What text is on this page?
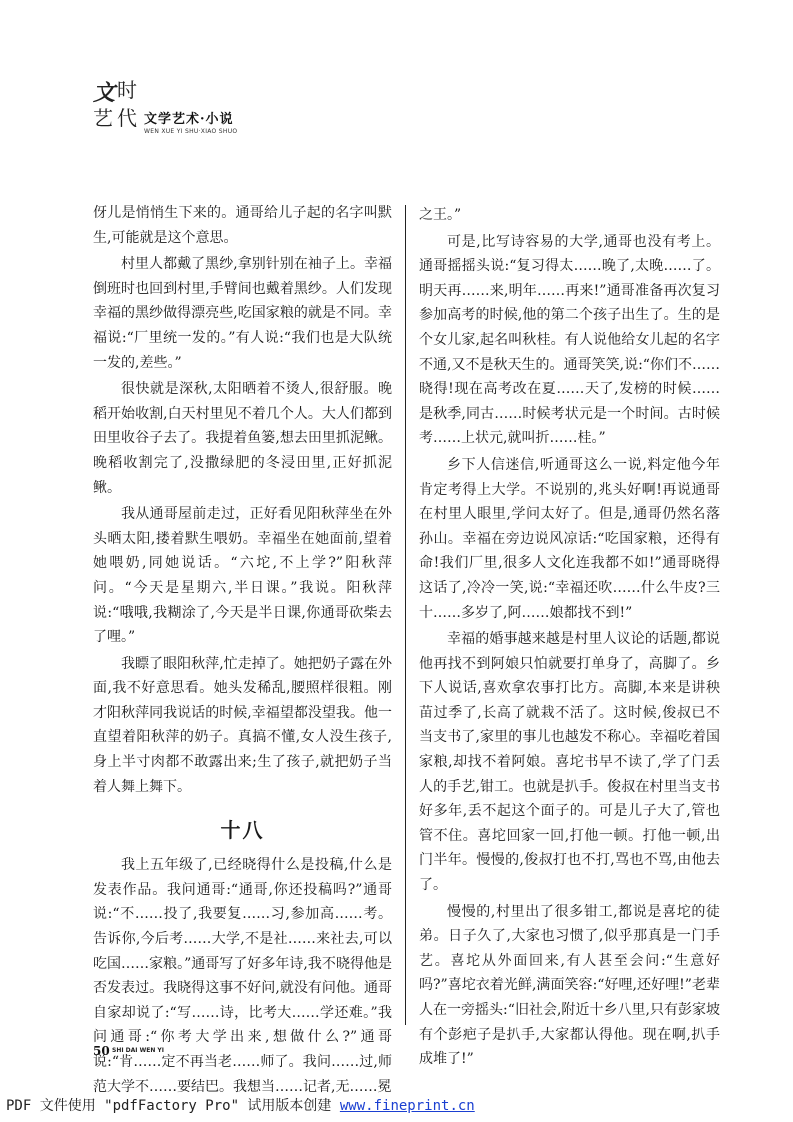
文 时
艺 代 文学艺术·小说
WEN XUE YI SHU·XIAO SHUO

伢儿是悄悄生下来的。通哥给儿子起的名字叫默生,可能就是这个意思。

村里人都戴了黑纱,拿别针别在袖子上。幸福倒班时也回到村里,手臂间也戴着黑纱。人们发现幸福的黑纱做得漂亮些,吃国家粮的就是不同。幸福说:“厂里统一发的。”有人说:“我们也是大队统一发的,差些。”

很快就是深秋,太阳晒着不烫人,很舒服。晚稻开始收割,白天村里见不着几个人。大人们都到田里收谷子去了。我提着鱼篓,想去田里抓泥鳅。晚稻收割完了,没撒绿肥的冬浸田里,正好抓泥鳅。

我从通哥屋前走过，正好看见阳秋萍坐在外头晒太阳,搂着默生喂奶。幸福坐在她面前,望着她喂奶,同她说话。“六坨,不上学?”阳秋萍问。“今天是星期六,半日课。”我说。阳秋萍说:“哦哦,我糊涂了,今天是半日课,你通哥砍柴去了哩。”

我瞟了眼阳秋萍,忙走掉了。她把奶子露在外面,我不好意思看。她头发稀乱,腰照样很粗。刚才阳秋萍同我说话的时候,幸福望都没望我。他一直望着阳秋萍的奶子。真搞不懂,女人没生孩子,身上半寸肉都不敢露出来;生了孩子,就把奶子当着人舞上舞下。

十八

我上五年级了,已经晓得什么是投稿,什么是发表作品。我问通哥:“通哥,你还投稿吗?”通哥说:“不……投了,我要复……习,参加高……考。告诉你,今后考……大学,不是社……来社去,可以吃国……家粮。”通哥写了好多年诗,我不晓得他是否发表过。我晓得这事不好问,就没有问他。通哥自家却说了:“写……诗，比考大……学还难。”我问通哥:“你考大学出来,想做什么?”通哥说:“肯……定不再当老……师了。我问……过,师范大学不……要结巴。我想当……记者,无……冕

之王。”

可是,比写诗容易的大学,通哥也没有考上。通哥摇摇头说:“复习得太……晚了,太晚……了。明天再……来,明年……再来!”通哥准备再次复习参加高考的时候,他的第二个孩子出生了。生的是个女儿家,起名叫秋桂。有人说他给女儿起的名字不通,又不是秋天生的。通哥笑笑,说:“你们不……晓得!现在高考改在夏……天了,发榜的时候……是秋季,同古……时候考状元是一个时间。古时候考……上状元,就叫折……桂。”

乡下人信迷信,听通哥这么一说,料定他今年肯定考得上大学。不说别的,兆头好啊!再说通哥在村里人眼里,学问太好了。但是,通哥仍然名落孙山。幸福在旁边说风凉话:“吃国家粮，还得有命!我们厂里,很多人文化连我都不如!”通哥晓得这话了,冷冷一笑,说:“幸福还吹……什么牛皮?三十……多岁了,阿……娘都找不到!”

幸福的婚事越来越是村里人议论的话题,都说他再找不到阿娘只怕就要打单身了，高脚了。乡下人说话,喜欢拿农事打比方。高脚,本来是讲秧苗过季了,长高了就栽不活了。这时候,俊叔已不当支书了,家里的事儿也越发不称心。幸福吃着国家粮,却找不着阿娘。喜坨书早不读了,学了门丢人的手艺,钳工。也就是扒手。俊叔在村里当支书好多年,丢不起这个面子的。可是儿子大了,管也管不住。喜坨回家一回,打他一顿。打他一顿,出门半年。慢慢的,俊叔打也不打,骂也不骂,由他去了。

慢慢的,村里出了很多钳工,都说是喜坨的徒弟。日子久了,大家也习惯了,似乎那真是一门手艺。喜坨从外面回来,有人甚至会问:“生意好吗?”喜坨衣着光鲜,满面笑容:“好哩,还好哩!”老辈人在一旁摇头:“旧社会,附近十乡八里,只有彭家坡有个彭疤子是扒手,大家都认得他。现在啊,扒手成堆了!”

50 SHI DAI WEN YI
PDF 文件使用 "pdfFactory Pro" 试用版本创建 www.fineprint.cn
